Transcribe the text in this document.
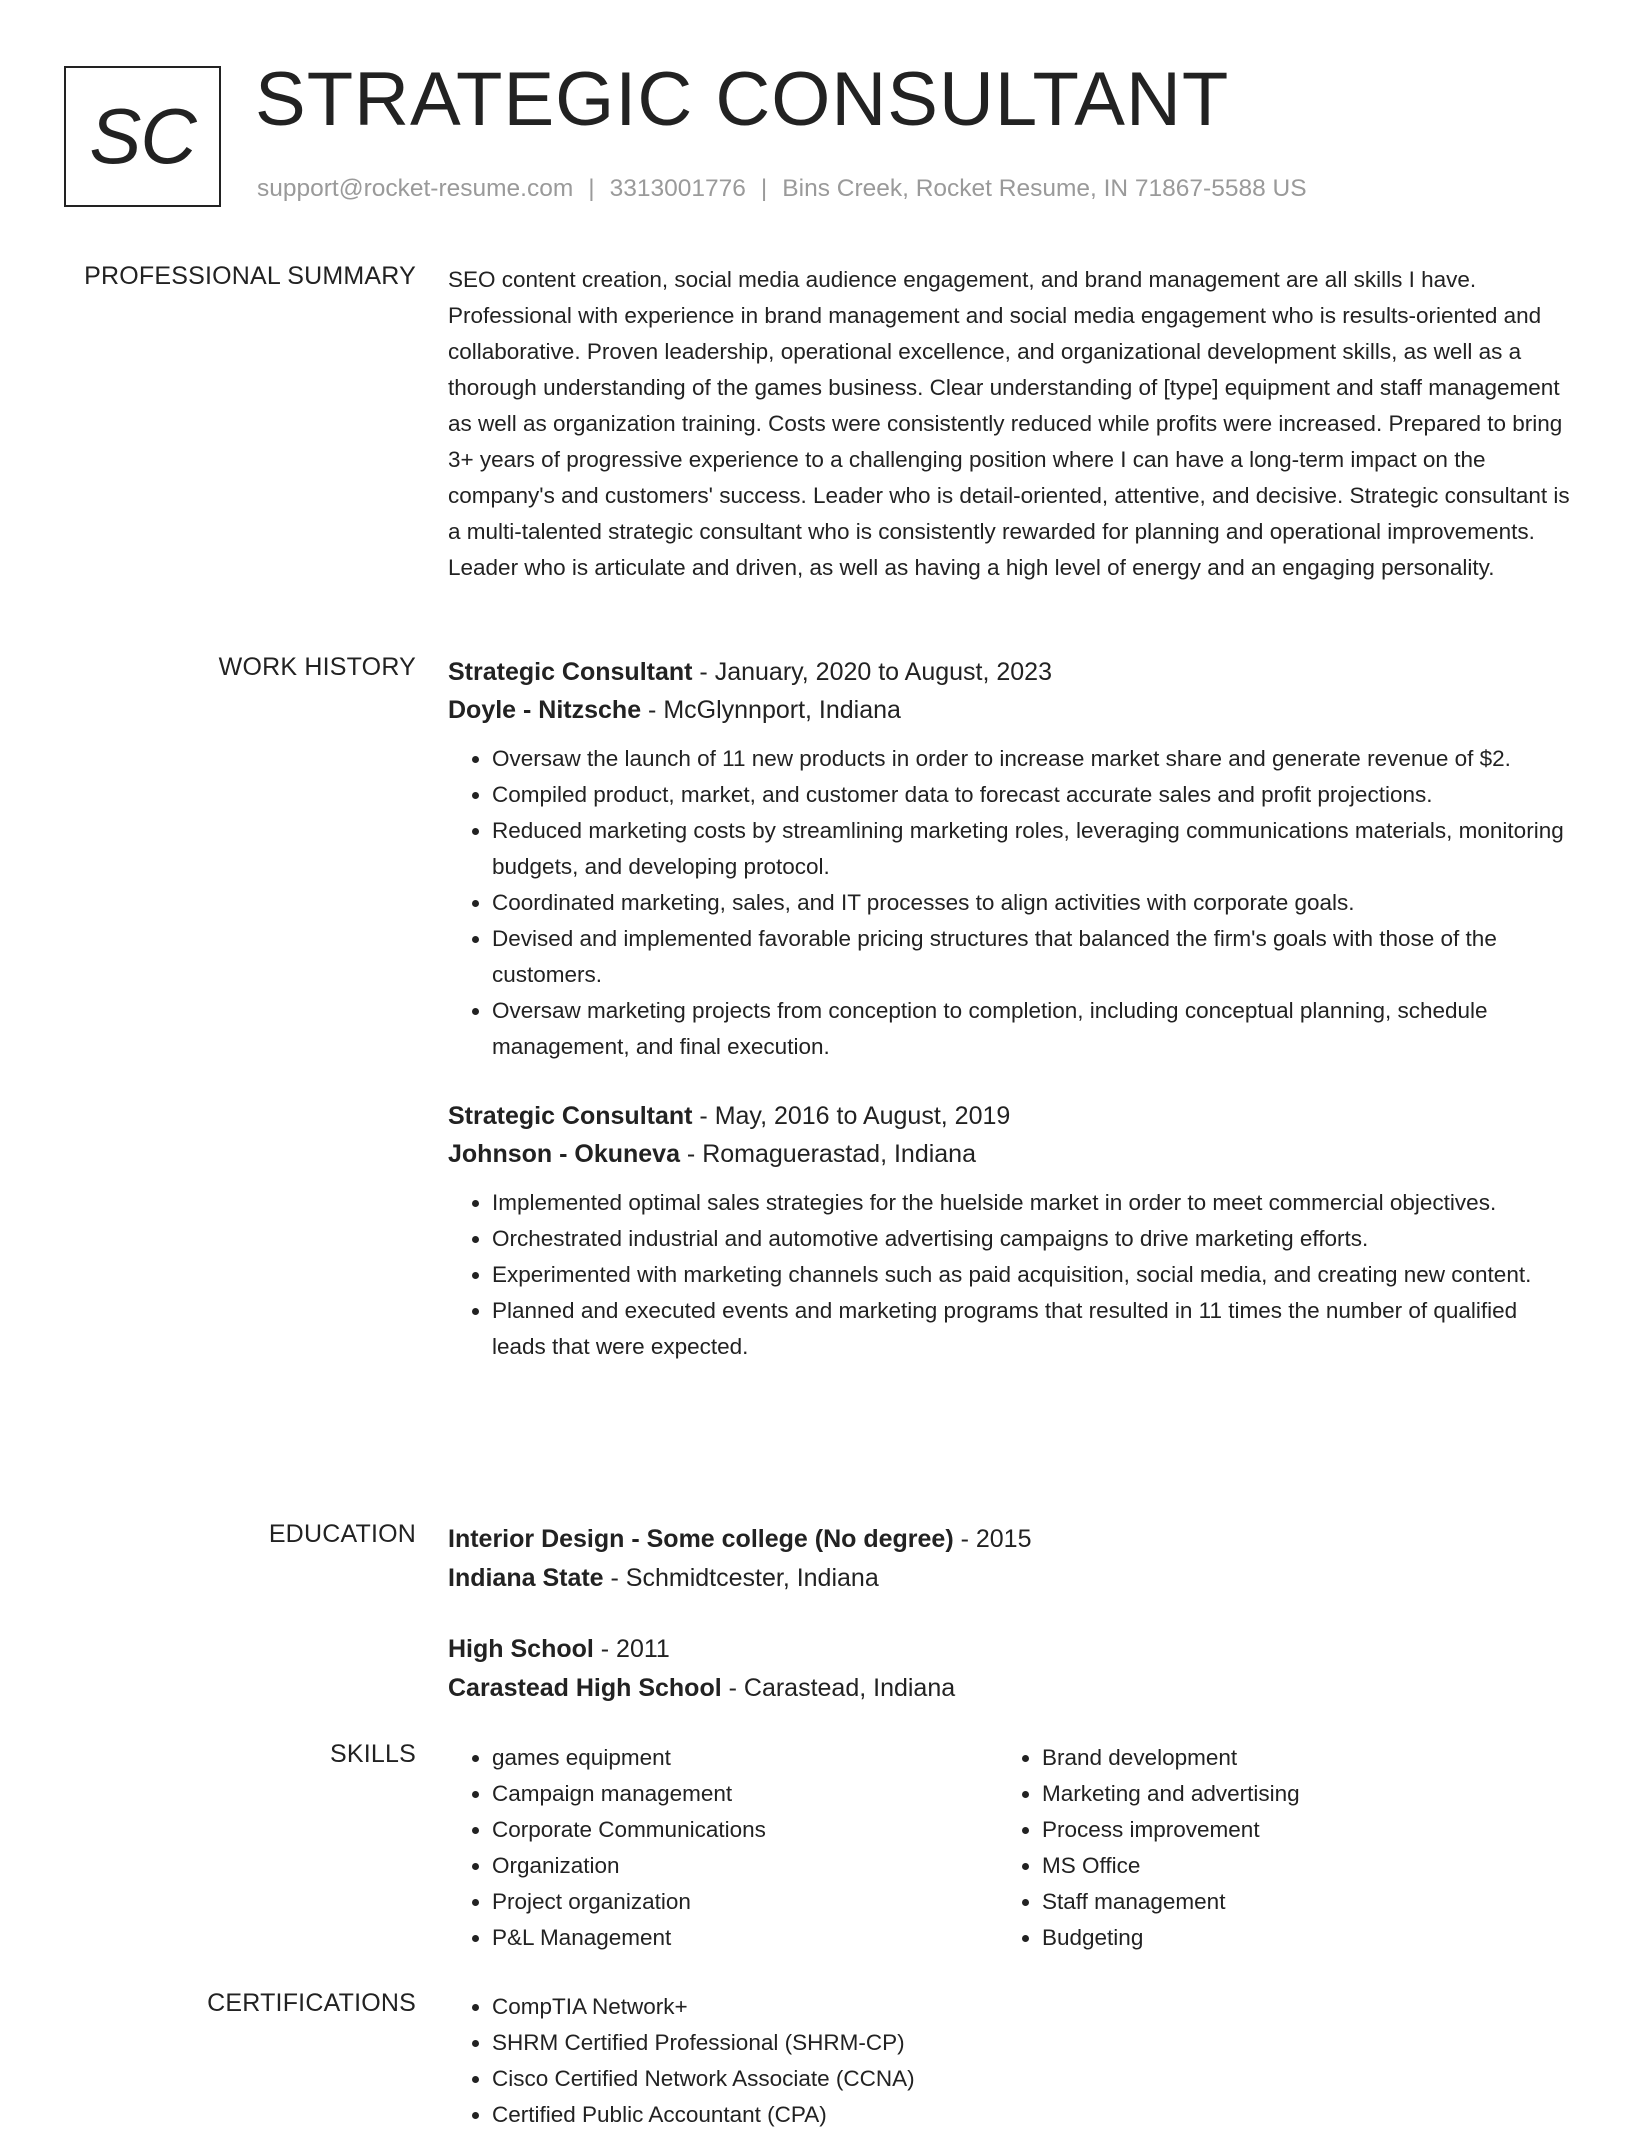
SC STRATEGIC CONSULTANT
support@rocket-resume.com | 3313001776 | Bins Creek, Rocket Resume, IN 71867-5588 US
PROFESSIONAL SUMMARY SEO content creation, social media audience engagement, and brand management are all skills I have. Professional with experience in brand management and social media engagement who is results-oriented and collaborative. Proven leadership, operational excellence, and organizational development skills, as well as a thorough understanding of the games business. Clear understanding of [type] equipment and staff management as well as organization training. Costs were consistently reduced while profits were increased. Prepared to bring 3+ years of progressive experience to a challenging position where I can have a long-term impact on the company's and customers' success. Leader who is detail-oriented, attentive, and decisive. Strategic consultant is a multi-talented strategic consultant who is consistently rewarded for planning and operational improvements. Leader who is articulate and driven, as well as having a high level of energy and an engaging personality.

WORK HISTORY Strategic Consultant - January, 2020 to August, 2023
Doyle - Nitzsche - McGlynnport, Indiana
• Oversaw the launch of 11 new products in order to increase market share and generate revenue of $2.
• Compiled product, market, and customer data to forecast accurate sales and profit projections.
• Reduced marketing costs by streamlining marketing roles, leveraging communications materials, monitoring budgets, and developing protocol.
• Coordinated marketing, sales, and IT processes to align activities with corporate goals.
• Devised and implemented favorable pricing structures that balanced the firm's goals with those of the customers.
• Oversaw marketing projects from conception to completion, including conceptual planning, schedule management, and final execution.
Strategic Consultant - May, 2016 to August, 2019
Johnson - Okuneva - Romaguerastad, Indiana
• Implemented optimal sales strategies for the huelside market in order to meet commercial objectives.
• Orchestrated industrial and automotive advertising campaigns to drive marketing efforts.
• Experimented with marketing channels such as paid acquisition, social media, and creating new content.
• Planned and executed events and marketing programs that resulted in 11 times the number of qualified leads that were expected.
EDUCATION Interior Design - Some college (No degree) - 2015
Indiana State - Schmidtcester, Indiana
High School - 2011
Carastead High School - Carastead, Indiana
SKILLS	• games equipment
• Campaign management
• Corporate Communications
• Organization
• Project organization
• P&L Management
• Brand development
• Marketing and advertising
• Process improvement
• MS Office
• Staff management
• Budgeting
CERTIFICATIONS	• CompTIA Network+
• SHRM Certified Professional (SHRM-CP)
• Cisco Certified Network Associate (CCNA)
• Certified Public Accountant (CPA)
